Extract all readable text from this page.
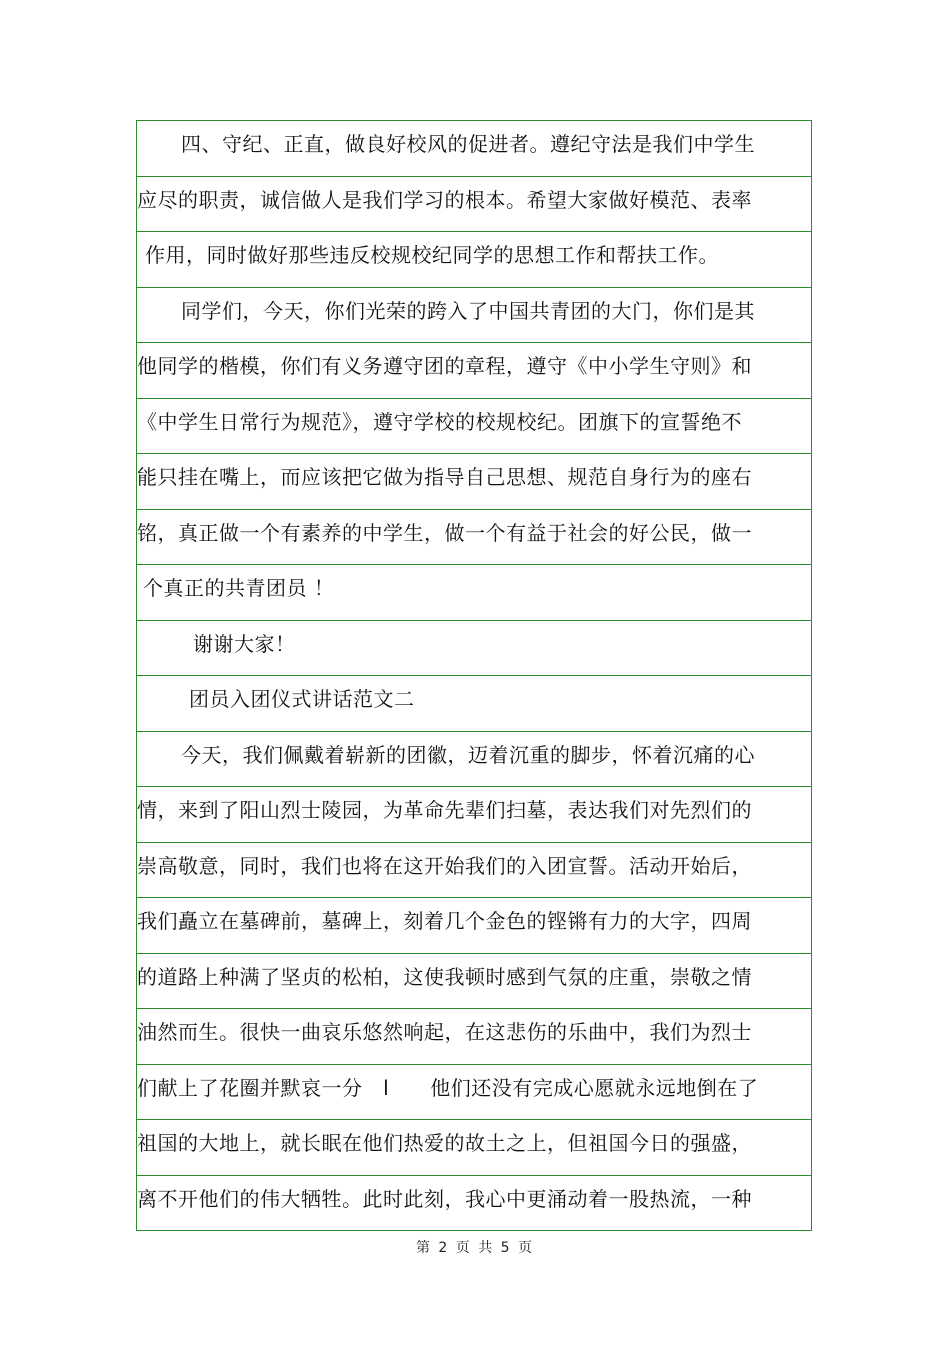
四、守纪、正直，做良好校风的促进者。遵纪守法是我们中学生
应尽的职责，诚信做人是我们学习的根本。希望大家做好模范、表率
作用，同时做好那些违反校规校纪同学的思想工作和帮扶工作。
同学们，今天，你们光荣的跨入了中国共青团的大门，你们是其
他同学的楷模，你们有义务遵守团的章程，遵守《中小学生守则》和
《中学生日常行为规范》，遵守学校的校规校纪。团旗下的宣誓绝不
能只挂在嘴上，而应该把它做为指导自己思想、规范自身行为的座右
铭，真正做一个有素养的中学生，做一个有益于社会的好公民，做一
个真正的共青团员 ！
谢谢大家！
团员入团仪式讲话范文二
今天，我们佩戴着崭新的团徽，迈着沉重的脚步，怀着沉痛的心
情，来到了阳山烈士陵园，为革命先辈们扫墓，表达我们对先烈们的
崇高敬意，同时，我们也将在这开始我们的入团宣誓。活动开始后，
我们矗立在墓碑前，墓碑上，刻着几个金色的铿锵有力的大字，四周
的道路上种满了坚贞的松柏，这使我顿时感到气氛的庄重，崇敬之情
油然而生。很快一曲哀乐悠然响起，在这悲伤的乐曲中，我们为烈士
们献上了花圈并默哀一分   l      他们还没有完成心愿就永远地倒在了
祖国的大地上，就长眠在他们热爱的故土之上，但祖国今日的强盛，
离不开他们的伟大牺牲。此时此刻，我心中更涌动着一股热流，一种
第 2 页 共 5 页
